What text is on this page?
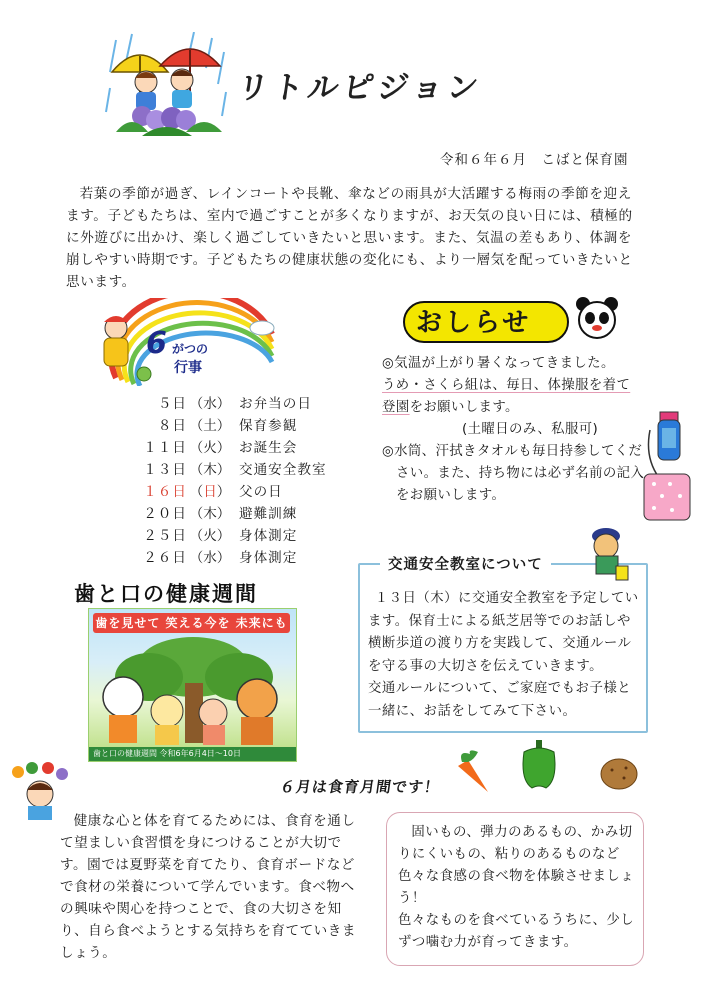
リトルピジョン
令和６年６月　こばと保育園
若葉の季節が過ぎ、レインコートや長靴、傘などの雨具が大活躍する梅雨の季節を迎えます。子どもたちは、室内で過ごすことが多くなりますが、お天気の良い日には、積極的に外遊びに出かけ、楽しく過ごしていきたいと思います。また、気温の差もあり、体調を崩しやすい時期です。子どもたちの健康状態の変化にも、より一層気を配っていきたいと思います。
6 がつの
行事
５日 （水） お弁当の日
８日 （土） 保育参観
１１日 （火） お誕生会
１３日 （木） 交通安全教室
１６日 （日） 父の日
２０日 （木） 避難訓練
２５日 （火） 身体測定
２６日 （水） 身体測定
歯と口の健康週間
歯を見せて 笑える今を 未来にも
歯と口の健康週間 令和6年6月4日〜10日
おしらせ
◎気温が上がり暑くなってきました。
うめ・さくら組は、毎日、体操服を着て
登園をお願いします。
(土曜日のみ、私服可)
◎水筒、汗拭きタオルも毎日持参してください。また、持ち物には必ず名前の記入をお願いします。
交通安全教室について
１３日（木）に交通安全教室を予定しています。保育士による紙芝居等でのお話しや横断歩道の渡り方を実践して、交通ルールを守る事の大切さを伝えていきます。
交通ルールについて、ご家庭でもお子様と一緒に、お話をしてみて下さい。
６月は食育月間です！
健康な心と体を育てるためには、食育を通して望ましい食習慣を身につけることが大切です。園では夏野菜を育てたり、食育ボードなどで食材の栄養について学んでいます。食べ物への興味や関心を持つことで、食の大切さを知り、自ら食べようとする気持ちを育てていきましょう。
固いもの、弾力のあるもの、かみ切りにくいもの、粘りのあるものなど色々な食感の食べ物を体験させましょう！
色々なものを食べているうちに、少しずつ噛む力が育ってきます。
